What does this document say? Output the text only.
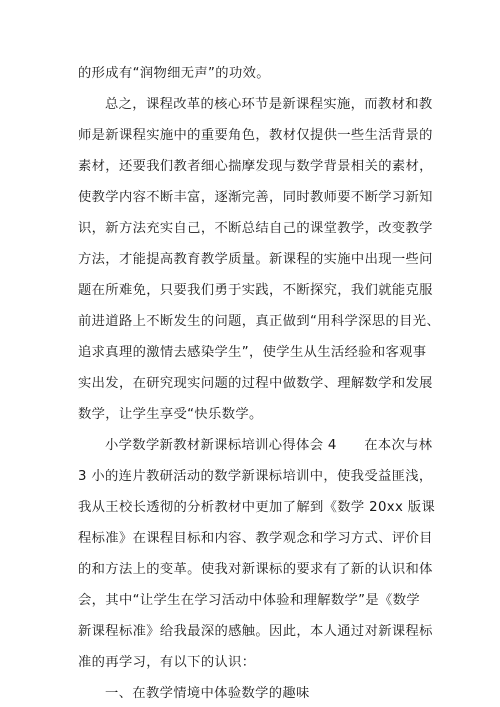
的形成有“润物细无声”的功效。
总之，课程改革的核心环节是新课程实施，而教材和教
师是新课程实施中的重要角色，教材仅提供一些生活背景的
素材，还要我们教者细心揣摩发现与数学背景相关的素材，
使教学内容不断丰富，逐渐完善，同时教师要不断学习新知
识，新方法充实自己，不断总结自己的课堂教学，改变教学
方法，才能提高教育教学质量。新课程的实施中出现一些问
题在所难免，只要我们勇于实践，不断探究，我们就能克服
前进道路上不断发生的问题，真正做到“用科学深思的目光、
追求真理的激情去感染学生”，使学生从生活经验和客观事
实出发，在研究现实问题的过程中做数学、理解数学和发展
数学，让学生享受“快乐数学。
小学数学新教材新课标培训心得体会 4      在本次与林
3 小的连片教研活动的数学新课标培训中，使我受益匪浅，
我从王校长透彻的分析教材中更加了解到《数学 20xx 版课
程标准》在课程目标和内容、教学观念和学习方式、评价目
的和方法上的变革。使我对新课标的要求有了新的认识和体
会，其中“让学生在学习活动中体验和理解数学”是《数学
新课程标准》给我最深的感触。因此，本人通过对新课程标
准的再学习，有以下的认识：
一、在教学情境中体验数学的趣味
